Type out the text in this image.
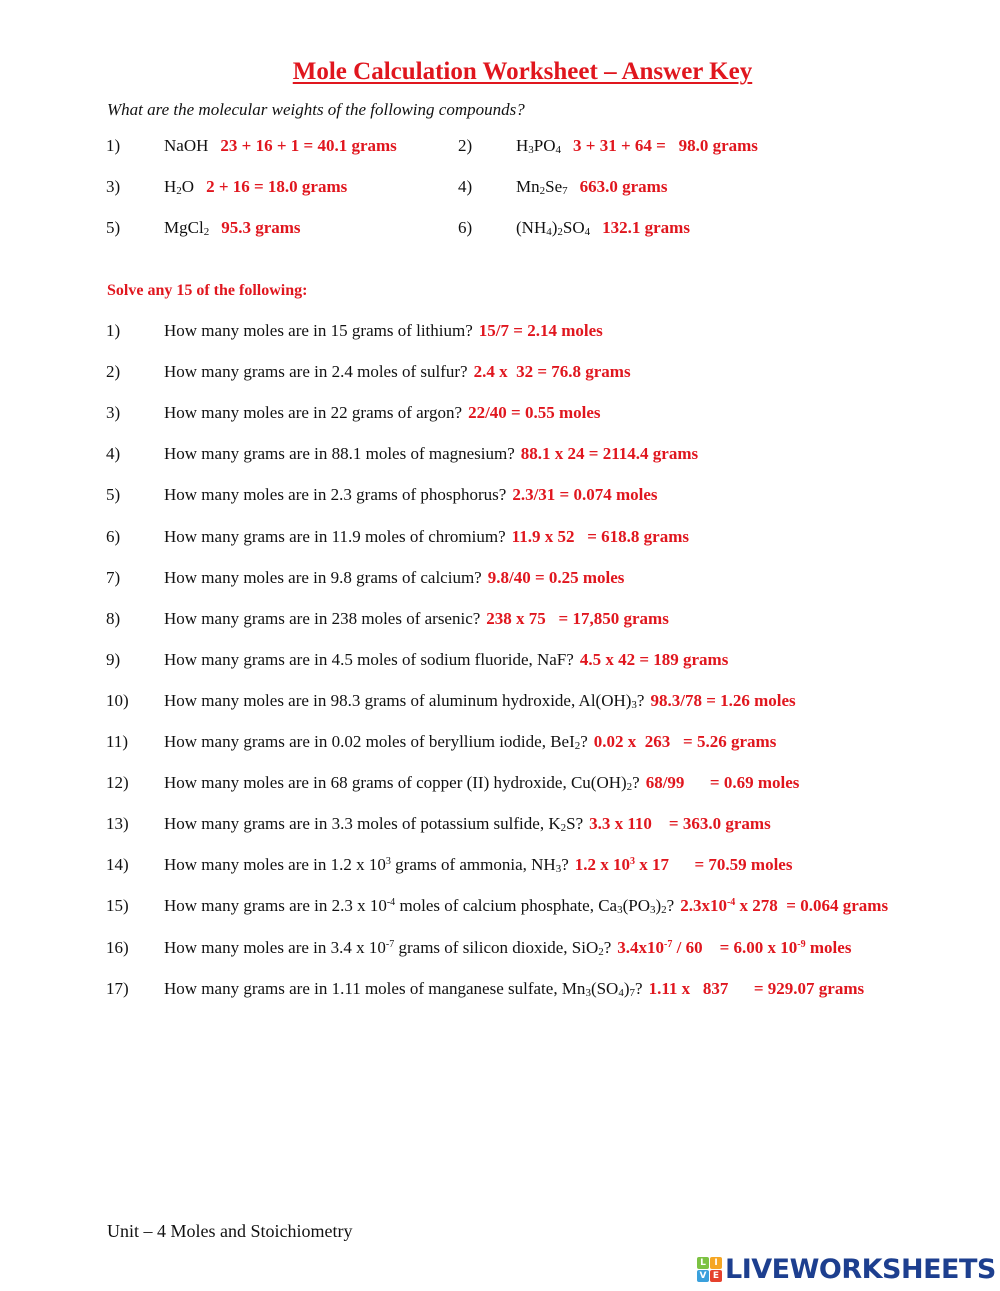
Mole Calculation Worksheet – Answer Key
What are the molecular weights of the following compounds?
1)	NaOH 23 + 16 + 1 = 40.1 grams	2)	$H_3PO_4$ 3 + 31 + 64 =   98.0 grams
3)	$H_2O$ 2 + 16 = 18.0 grams	4)	$Mn_2Se_7$ 663.0 grams
5)	MgCl$_2$ 95.3 grams	6)	$(NH_4)_2SO_4$ 132.1 grams
Solve any 15 of the following:
1)	How many moles are in 15 grams of lithium? 15/7 = 2.14 moles
2)	How many grams are in 2.4 moles of sulfur? 2.4 x  32 = 76.8 grams
3)	How many moles are in 22 grams of argon? 22/40 = 0.55 moles
4)	How many grams are in 88.1 moles of magnesium? 88.1 x 24 = 2114.4 grams
5)	How many moles are in 2.3 grams of phosphorus? 2.3/31 = 0.074 moles
6)	How many grams are in 11.9 moles of chromium? 11.9 x 52   = 618.8 grams
7)	How many moles are in 9.8 grams of calcium? 9.8/40 = 0.25 moles
8)	How many grams are in 238 moles of arsenic? 238 x 75   = 17,850 grams
9)	How many grams are in 4.5 moles of sodium fluoride, NaF? 4.5 x 42 = 189 grams
10) How many moles are in 98.3 grams of aluminum hydroxide, $Al(OH)_3$? 98.3/78 = 1.26 moles
11) How many grams are in 0.02 moles of beryllium iodide, BeI$_2$? 0.02 x  263   = 5.26 grams
12) How many moles are in 68 grams of copper (II) hydroxide, $Cu(OH)_2$? 68/99      = 0.69 moles
13) How many grams are in 3.3 moles of potassium sulfide, $K_2S$? 3.3 x 110    = 363.0 grams
14) How many moles are in 1.2 x $10^3$ grams of ammonia, $NH_3$? 1.2 x $10^3$ x 17      = 70.59 moles
15) How many grams are in 2.3 x $10^{-4}$ moles of calcium phosphate, $Ca_3(PO_3)_2$? $2.3x10^{-4}$ x 278  = 0.064 grams
16) How many moles are in 3.4 x $10^{-7}$ grams of silicon dioxide, SiO$_2$? $3.4x10^{-7} / 60$    = 6.00 x $10^{-9}$ moles
17) How many grams are in 1.11 moles of manganese sulfate, $Mn_3(SO_4)_7$? 1.11 x   837      = 929.07 grams
Unit – 4 Moles and Stoichiometry
L I
V E LIVEWORKSHEETS
